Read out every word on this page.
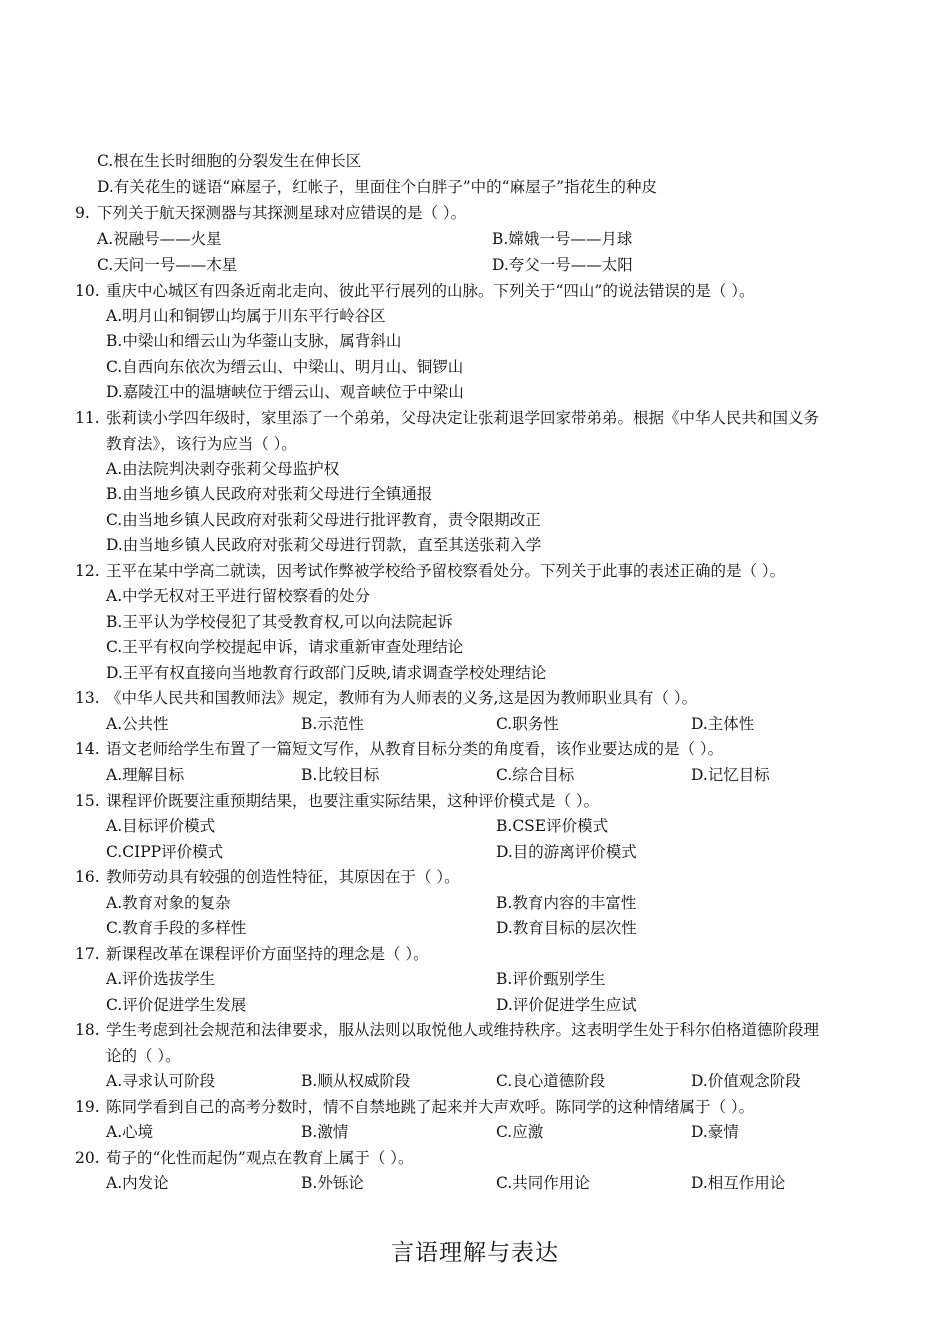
C.根在生长时细胞的分裂发生在伸长区
D.有关花生的谜语“麻屋子，红帐子，里面住个白胖子”中的“麻屋子”指花生的种皮
9. 下列关于航天探测器与其探测星球对应错误的是（ ）。
A.祝融号——火星	B.嫦娥一号——月球
C.天问一号——木星	D.夸父一号——太阳
10. 重庆中心城区有四条近南北走向、彼此平行展列的山脉。下列关于“四山”的说法错误的是（ ）。
A.明月山和铜锣山均属于川东平行岭谷区
B.中梁山和缙云山为华蓥山支脉，属背斜山
C.自西向东依次为缙云山、中梁山、明月山、铜锣山
D.嘉陵江中的温塘峡位于缙云山、观音峡位于中梁山
11. 张莉读小学四年级时，家里添了一个弟弟，父母决定让张莉退学回家带弟弟。根据《中华人民共和国义务
教育法》，该行为应当（ ）。
A.由法院判决剥夺张莉父母监护权
B.由当地乡镇人民政府对张莉父母进行全镇通报
C.由当地乡镇人民政府对张莉父母进行批评教育，责令限期改正
D.由当地乡镇人民政府对张莉父母进行罚款，直至其送张莉入学
12. 王平在某中学高二就读，因考试作弊被学校给予留校察看处分。下列关于此事的表述正确的是（ ）。
A.中学无权对王平进行留校察看的处分
B.王平认为学校侵犯了其受教育权,可以向法院起诉
C.王平有权向学校提起申诉，请求重新审查处理结论
D.王平有权直接向当地教育行政部门反映,请求调查学校处理结论
13. 《中华人民共和国教师法》规定，教师有为人师表的义务,这是因为教师职业具有（ ）。
A.公共性	B.示范性	C.职务性	D.主体性
14. 语文老师给学生布置了一篇短文写作，从教育目标分类的角度看，该作业要达成的是（ ）。
A.理解目标	B.比较目标	C.综合目标	D.记忆目标
15. 课程评价既要注重预期结果，也要注重实际结果，这种评价模式是（ ）。
A.目标评价模式	B.CSE评价模式
C.CIPP评价模式	D.目的游离评价模式
16. 教师劳动具有较强的创造性特征，其原因在于（ ）。
A.教育对象的复杂	B.教育内容的丰富性
C.教育手段的多样性	D.教育目标的层次性
17. 新课程改革在课程评价方面坚持的理念是（ ）。
A.评价选拔学生	B.评价甄别学生
C.评价促进学生发展	D.评价促进学生应试
18. 学生考虑到社会规范和法律要求，服从法则以取悦他人或维持秩序。这表明学生处于科尔伯格道德阶段理
论的（ ）。
A.寻求认可阶段	B.顺从权威阶段	C.良心道德阶段	D.价值观念阶段
19. 陈同学看到自己的高考分数时，情不自禁地跳了起来并大声欢呼。陈同学的这种情绪属于（ ）。
A.心境	B.激情	C.应激	D.豪情
20. 荀子的“化性而起伪”观点在教育上属于（ ）。
A.内发论	B.外铄论	C.共同作用论	D.相互作用论
言语理解与表达
